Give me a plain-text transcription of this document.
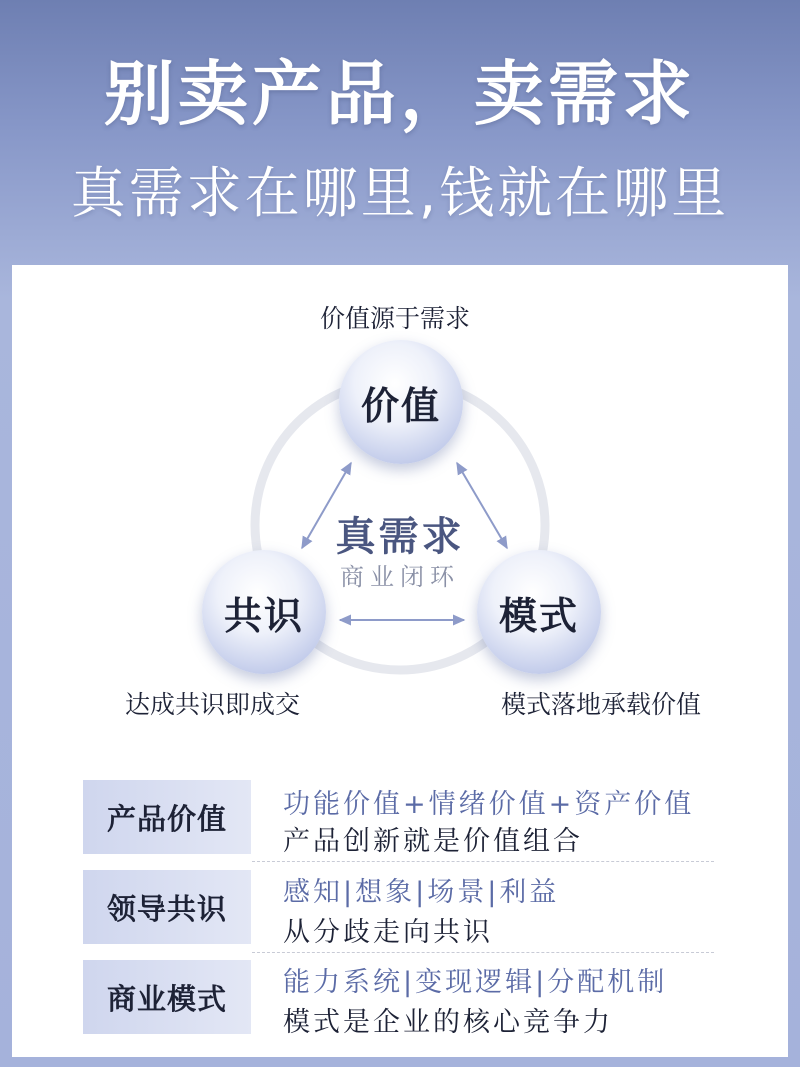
别卖产品，卖需求
真需求在哪里,钱就在哪里
价值源于需求
价值
共识
达成共识即成交
模式
模式落地承载价值
真需求
商业闭环
产品价值	功能价值+情绪价值+资产价值
产品创新就是价值组合
领导共识	感知|想象|场景|利益
从分歧走向共识
商业模式	能力系统|变现逻辑|分配机制
模式是企业的核心竞争力
